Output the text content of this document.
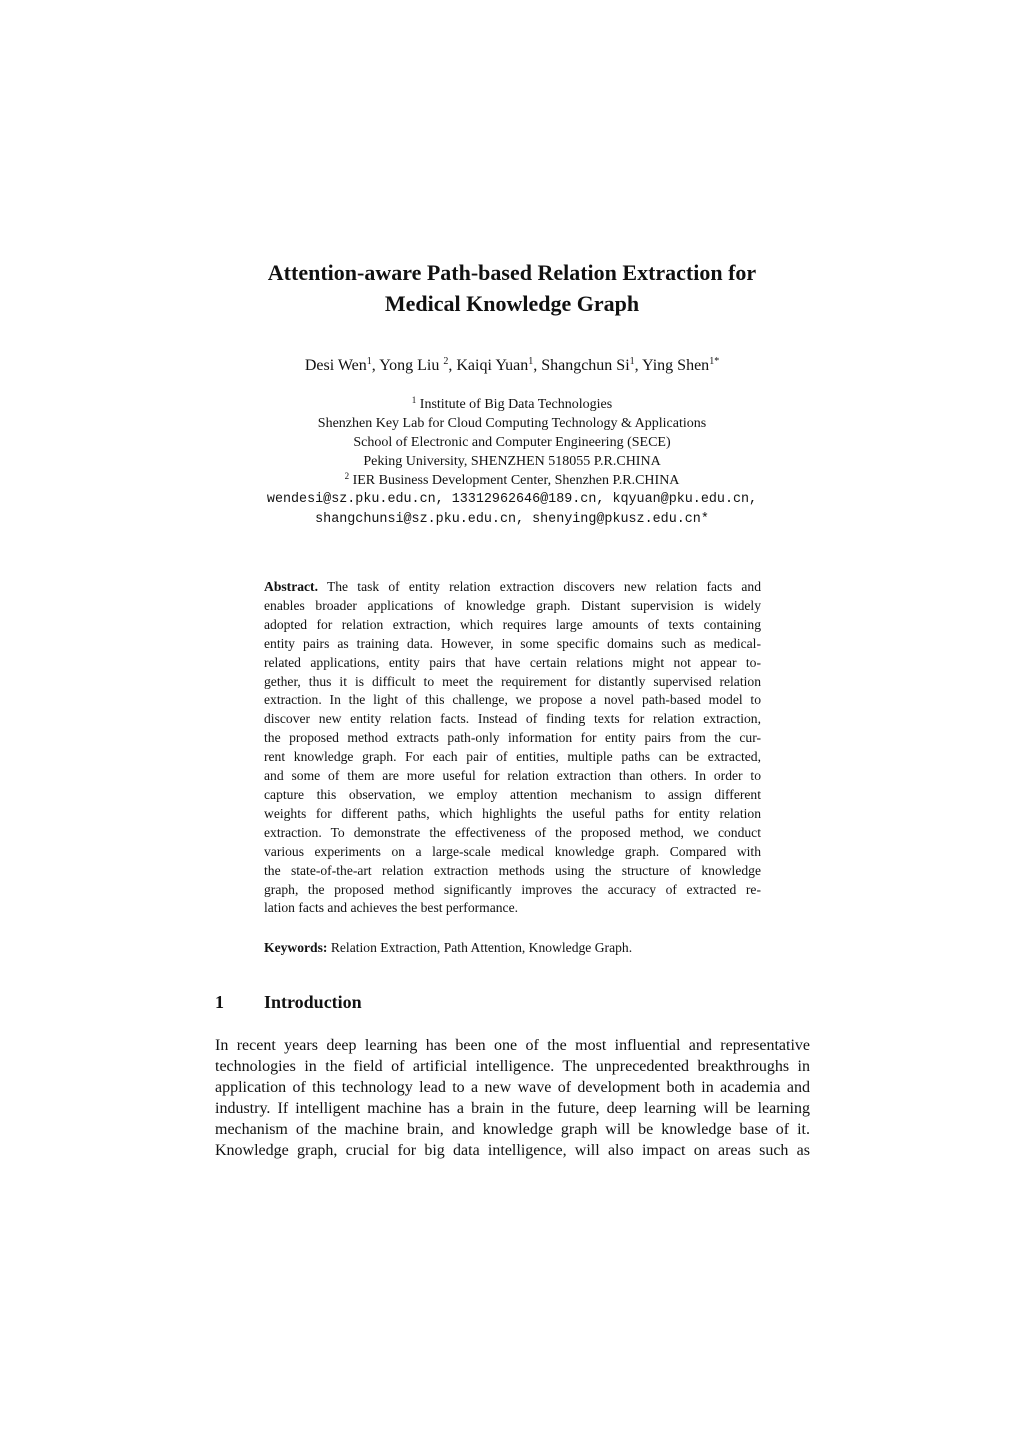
Attention-aware Path-based Relation Extraction for
Medical Knowledge Graph
Desi Wen$^1$, Yong Liu $^2$, Kaiqi Yuan$^1$, Shangchun Si$^1$, Ying Shen$^{1*}$
$^1$ Institute of Big Data Technologies
Shenzhen Key Lab for Cloud Computing Technology & Applications
School of Electronic and Computer Engineering (SECE)
Peking University, SHENZHEN 518055 P.R.CHINA
$^2$ IER Business Development Center, Shenzhen P.R.CHINA
wendesi@sz.pku.edu.cn, 13312962646@189.cn, kqyuan@pku.edu.cn,
shangchunsi@sz.pku.edu.cn, shenying@pkusz.edu.cn*
Abstract. The task of entity relation extraction discovers new relation facts and
enables broader applications of knowledge graph. Distant supervision is widely
adopted for relation extraction, which requires large amounts of texts containing
entity pairs as training data. However, in some specific domains such as medical-
related applications, entity pairs that have certain relations might not appear to-
gether, thus it is difficult to meet the requirement for distantly supervised relation
extraction. In the light of this challenge, we propose a novel path-based model to
discover new entity relation facts. Instead of finding texts for relation extraction,
the proposed method extracts path-only information for entity pairs from the cur-
rent knowledge graph. For each pair of entities, multiple paths can be extracted,
and some of them are more useful for relation extraction than others. In order to
capture this observation, we employ attention mechanism to assign different
weights for different paths, which highlights the useful paths for entity relation
extraction. To demonstrate the effectiveness of the proposed method, we conduct
various experiments on a large-scale medical knowledge graph. Compared with
the state-of-the-art relation extraction methods using the structure of knowledge
graph, the proposed method significantly improves the accuracy of extracted re-
lation facts and achieves the best performance.
Keywords: Relation Extraction, Path Attention, Knowledge Graph.
1 Introduction
In recent years deep learning has been one of the most influential and representative
technologies in the field of artificial intelligence. The unprecedented breakthroughs in
application of this technology lead to a new wave of development both in academia and
industry. If intelligent machine has a brain in the future, deep learning will be learning
mechanism of the machine brain, and knowledge graph will be knowledge base of it.
Knowledge graph, crucial for big data intelligence, will also impact on areas such as
